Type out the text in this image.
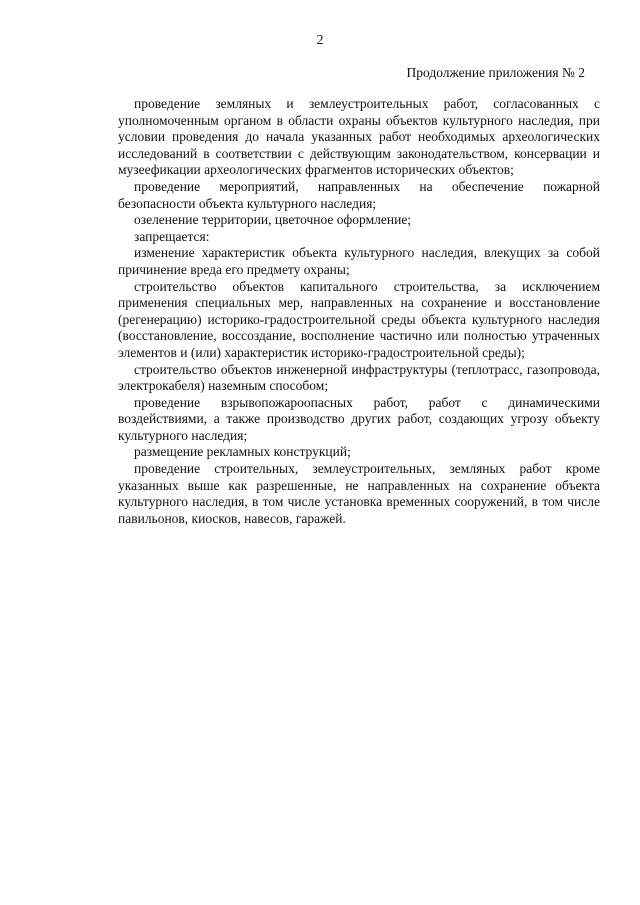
2
Продолжение приложения № 2

проведение земляных и землеустроительных работ, согласованных с уполномоченным органом в области охраны объектов культурного наследия, при условии проведения до начала указанных работ необходимых археологических исследований в соответствии с действующим законодательством, консервации и музеефикации археологических фрагментов исторических объектов;

проведение мероприятий, направленных на обеспечение пожарной безопасности объекта культурного наследия;

озеленение территории, цветочное оформление;

запрещается:

изменение характеристик объекта культурного наследия, влекущих за собой причинение вреда его предмету охраны;

строительство объектов капитального строительства, за исключением применения специальных мер, направленных на сохранение и восстановление (регенерацию) историко-градостроительной среды объекта культурного наследия (восстановление, воссоздание, восполнение частично или полностью утраченных элементов и (или) характеристик историко-градостроительной среды);

строительство объектов инженерной инфраструктуры (теплотрасс, газопровода, электрокабеля) наземным способом;

проведение взрывопожароопасных работ, работ с динамическими воздействиями, а также производство других работ, создающих угрозу объекту культурного наследия;

размещение рекламных конструкций;

проведение строительных, землеустроительных, земляных работ кроме указанных выше как разрешенные, не направленных на сохранение объекта культурного наследия, в том числе установка временных сооружений, в том числе павильонов, киосков, навесов, гаражей.
